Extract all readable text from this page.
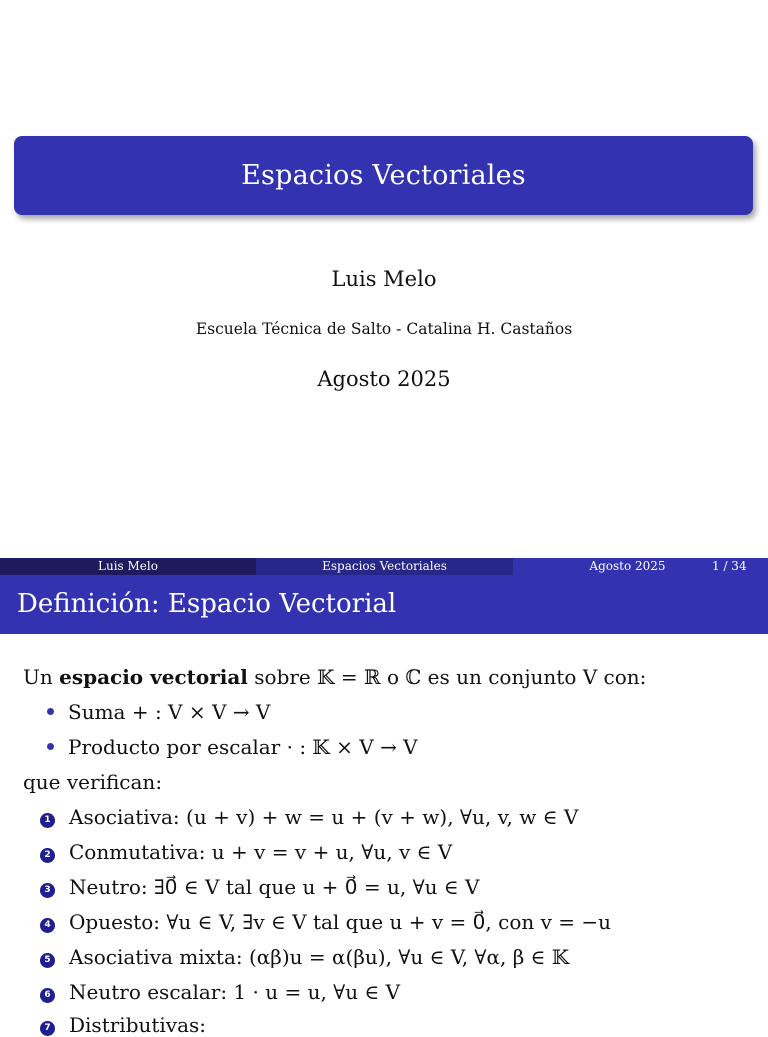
Espacios Vectoriales
Luis Melo
Escuela Técnica de Salto - Catalina H. Castaños
Agosto 2025
Luis Melo	Espacios Vectoriales	Agosto 2025	1 / 34
Definición: Espacio Vectorial
Un espacio vectorial sobre 𝕂 = ℝ o ℂ es un conjunto V con:
Suma + : V × V → V
Producto por escalar · : 𝕂 × V → V
que verifican:
1 Asociativa: (u + v) + w = u + (v + w), ∀u, v, w ∈ V
2 Conmutativa: u + v = v + u, ∀u, v ∈ V
3 Neutro: ∃0⃗ ∈ V tal que u + 0⃗ = u, ∀u ∈ V
4 Opuesto: ∀u ∈ V, ∃v ∈ V tal que u + v = 0⃗, con v = −u
5 Asociativa mixta: (αβ)u = α(βu), ∀u ∈ V, ∀α, β ∈ 𝕂
6 Neutro escalar: 1 · u = u, ∀u ∈ V
7 Distributivas:
